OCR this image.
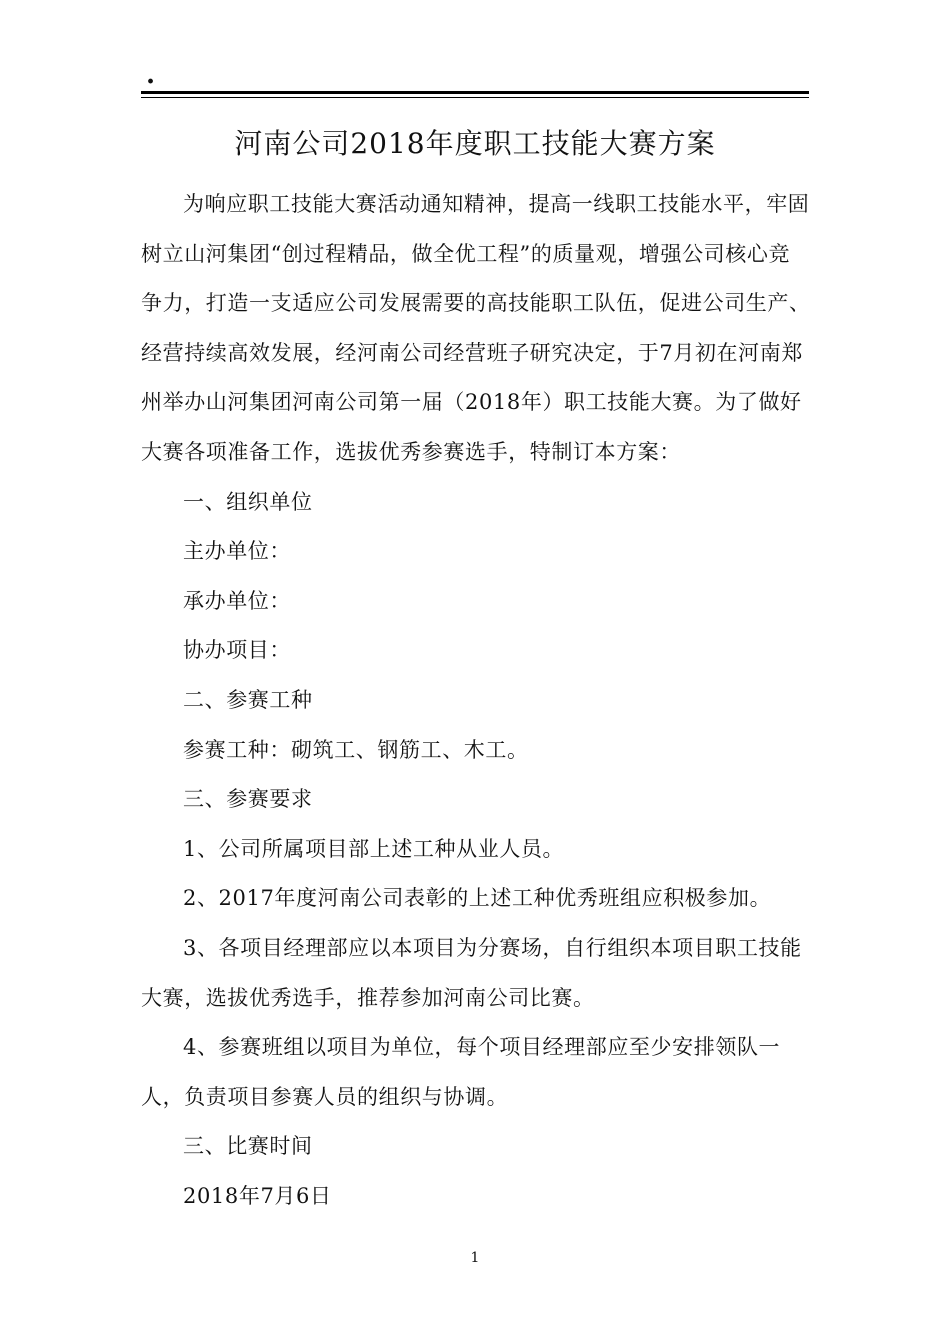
.
河南公司2018年度职工技能大赛方案

为响应职工技能大赛活动通知精神，提高一线职工技能水平，牢固树立山河集团“创过程精品，做全优工程”的质量观，增强公司核心竞争力，打造一支适应公司发展需要的高技能职工队伍，促进公司生产、经营持续高效发展，经河南公司经营班子研究决定，于7月初在河南郑州举办山河集团河南公司第一届（2018年）职工技能大赛。为了做好大赛各项准备工作，选拔优秀参赛选手，特制订本方案：

一、组织单位

主办单位：

承办单位：

协办项目：

二、参赛工种

参赛工种：砌筑工、钢筋工、木工。

三、参赛要求

1、公司所属项目部上述工种从业人员。

2、2017年度河南公司表彰的上述工种优秀班组应积极参加。

3、各项目经理部应以本项目为分赛场，自行组织本项目职工技能大赛，选拔优秀选手，推荐参加河南公司比赛。

4、参赛班组以项目为单位，每个项目经理部应至少安排领队一人，负责项目参赛人员的组织与协调。

三、比赛时间

2018年7月6日

1
